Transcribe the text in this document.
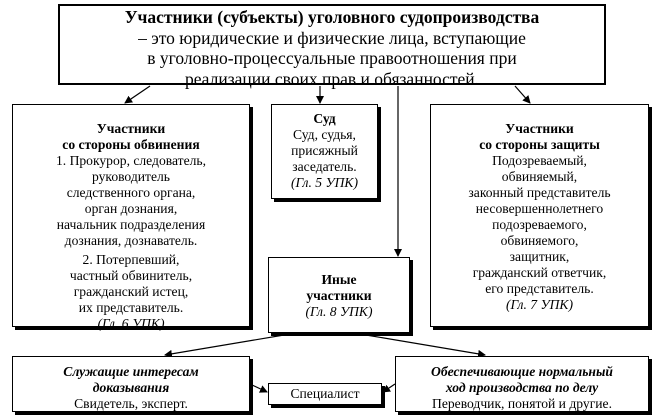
Участники (субъекты) уголовного судопроизводства
– это юридические и физические лица, вступающие
в уголовно-процессуальные правоотношения при
реализации своих прав и обязанностей.
Участники
со стороны обвинения
1. Прокурор, следователь,
руководитель
следственного органа,
орган дознания,
начальник подразделения
дознания, дознаватель.
2. Потерпевший,
частный обвинитель,
гражданский истец,
их представитель.
(Гл. 6 УПК)
Суд
Суд, судья,
присяжный
заседатель.
(Гл. 5 УПК)
Участники
со стороны защиты
Подозреваемый,
обвиняемый,
законный представитель
несовершеннолетнего
подозреваемого,
обвиняемого,
защитник,
гражданский ответчик,
его представитель.
(Гл. 7 УПК)
Иные
участники
(Гл. 8 УПК)
Служащие интересам
доказывания
Свидетель, эксперт.
Специалист
Обеспечивающие нормальный
ход производства по делу
Переводчик, понятой и другие.
